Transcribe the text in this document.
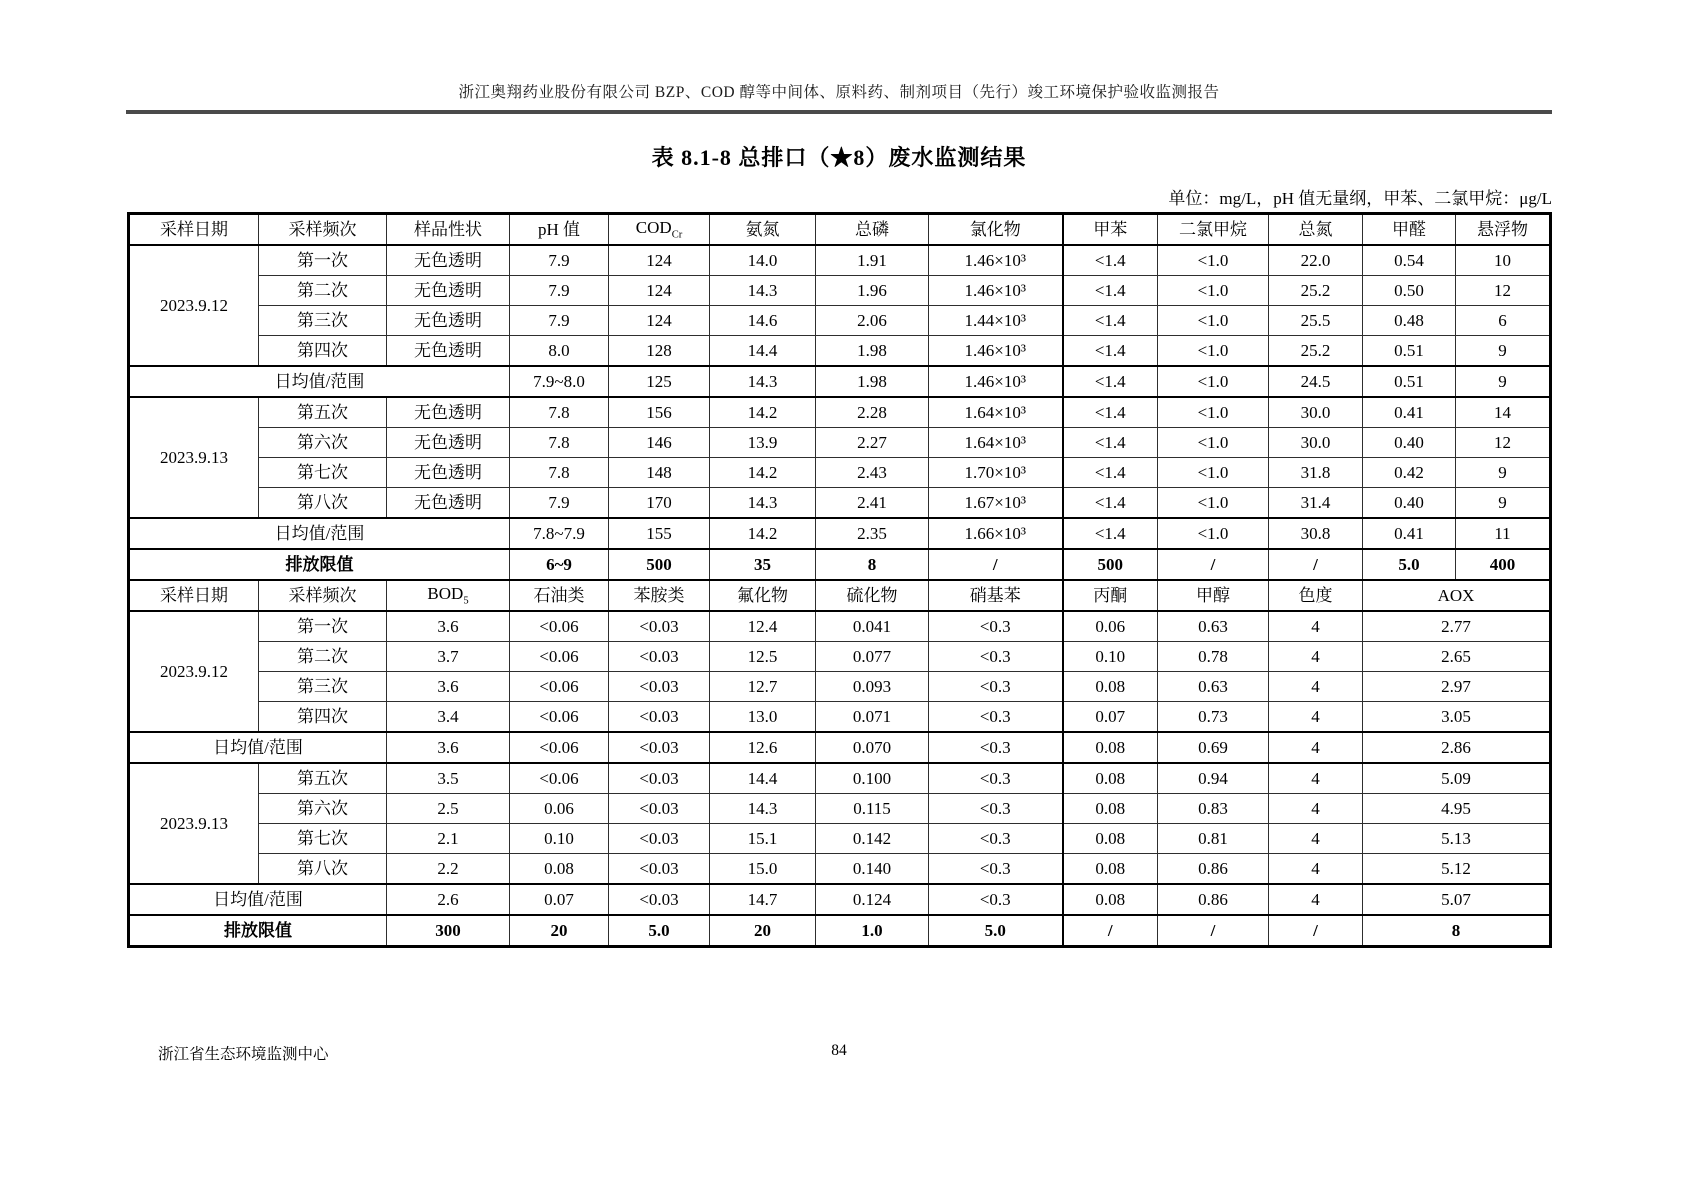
浙江奥翔药业股份有限公司 BZP、COD 醇等中间体、原料药、制剂项目（先行）竣工环境保护验收监测报告
表 8.1-8 总排口（★8）废水监测结果
单位：mg/L，pH 值无量纲，甲苯、二氯甲烷：μg/L
采样日期	采样频次	样品性状	pH 值	$COD_{Cr}$	氨氮	总磷	氯化物	甲苯	二氯甲烷	总氮	甲醛	悬浮物
2023.9.12	第一次	无色透明	7.9	124	14.0	1.91	1.46×10³	<1.4	<1.0	22.0	0.54	10
	第二次	无色透明	7.9	124	14.3	1.96	1.46×10³	<1.4	<1.0	25.2	0.50	12
	第三次	无色透明	7.9	124	14.6	2.06	1.44×10³	<1.4	<1.0	25.5	0.48	6
	第四次	无色透明	8.0	128	14.4	1.98	1.46×10³	<1.4	<1.0	25.2	0.51	9
日均值/范围			7.9~8.0	125	14.3	1.98	1.46×10³	<1.4	<1.0	24.5	0.51	9
2023.9.13	第五次	无色透明	7.8	156	14.2	2.28	1.64×10³	<1.4	<1.0	30.0	0.41	14
	第六次	无色透明	7.8	146	13.9	2.27	1.64×10³	<1.4	<1.0	30.0	0.40	12
	第七次	无色透明	7.8	148	14.2	2.43	1.70×10³	<1.4	<1.0	31.8	0.42	9
	第八次	无色透明	7.9	170	14.3	2.41	1.67×10³	<1.4	<1.0	31.4	0.40	9
日均值/范围			7.8~7.9	155	14.2	2.35	1.66×10³	<1.4	<1.0	30.8	0.41	11
排放限值			6~9	500	35	8	/	500	/	/	5.0	400
采样日期	采样频次	$BOD_5$	石油类	苯胺类	氟化物	硫化物	硝基苯	丙酮	甲醇	色度	AOX	
2023.9.12	第一次	3.6	<0.06	<0.03	12.4	0.041	<0.3	0.06	0.63	4	2.77	
	第二次	3.7	<0.06	<0.03	12.5	0.077	<0.3	0.10	0.78	4	2.65	
	第三次	3.6	<0.06	<0.03	12.7	0.093	<0.3	0.08	0.63	4	2.97	
	第四次	3.4	<0.06	<0.03	13.0	0.071	<0.3	0.07	0.73	4	3.05	
日均值/范围		3.6	<0.06	<0.03	12.6	0.070	<0.3	0.08	0.69	4	2.86	
2023.9.13	第五次	3.5	<0.06	<0.03	14.4	0.100	<0.3	0.08	0.94	4	5.09	
	第六次	2.5	0.06	<0.03	14.3	0.115	<0.3	0.08	0.83	4	4.95	
	第七次	2.1	0.10	<0.03	15.1	0.142	<0.3	0.08	0.81	4	5.13	
	第八次	2.2	0.08	<0.03	15.0	0.140	<0.3	0.08	0.86	4	5.12	
日均值/范围		2.6	0.07	<0.03	14.7	0.124	<0.3	0.08	0.86	4	5.07	
排放限值		300	20	5.0	20	1.0	5.0	/	/	/	8	
浙江省生态环境监测中心	84
